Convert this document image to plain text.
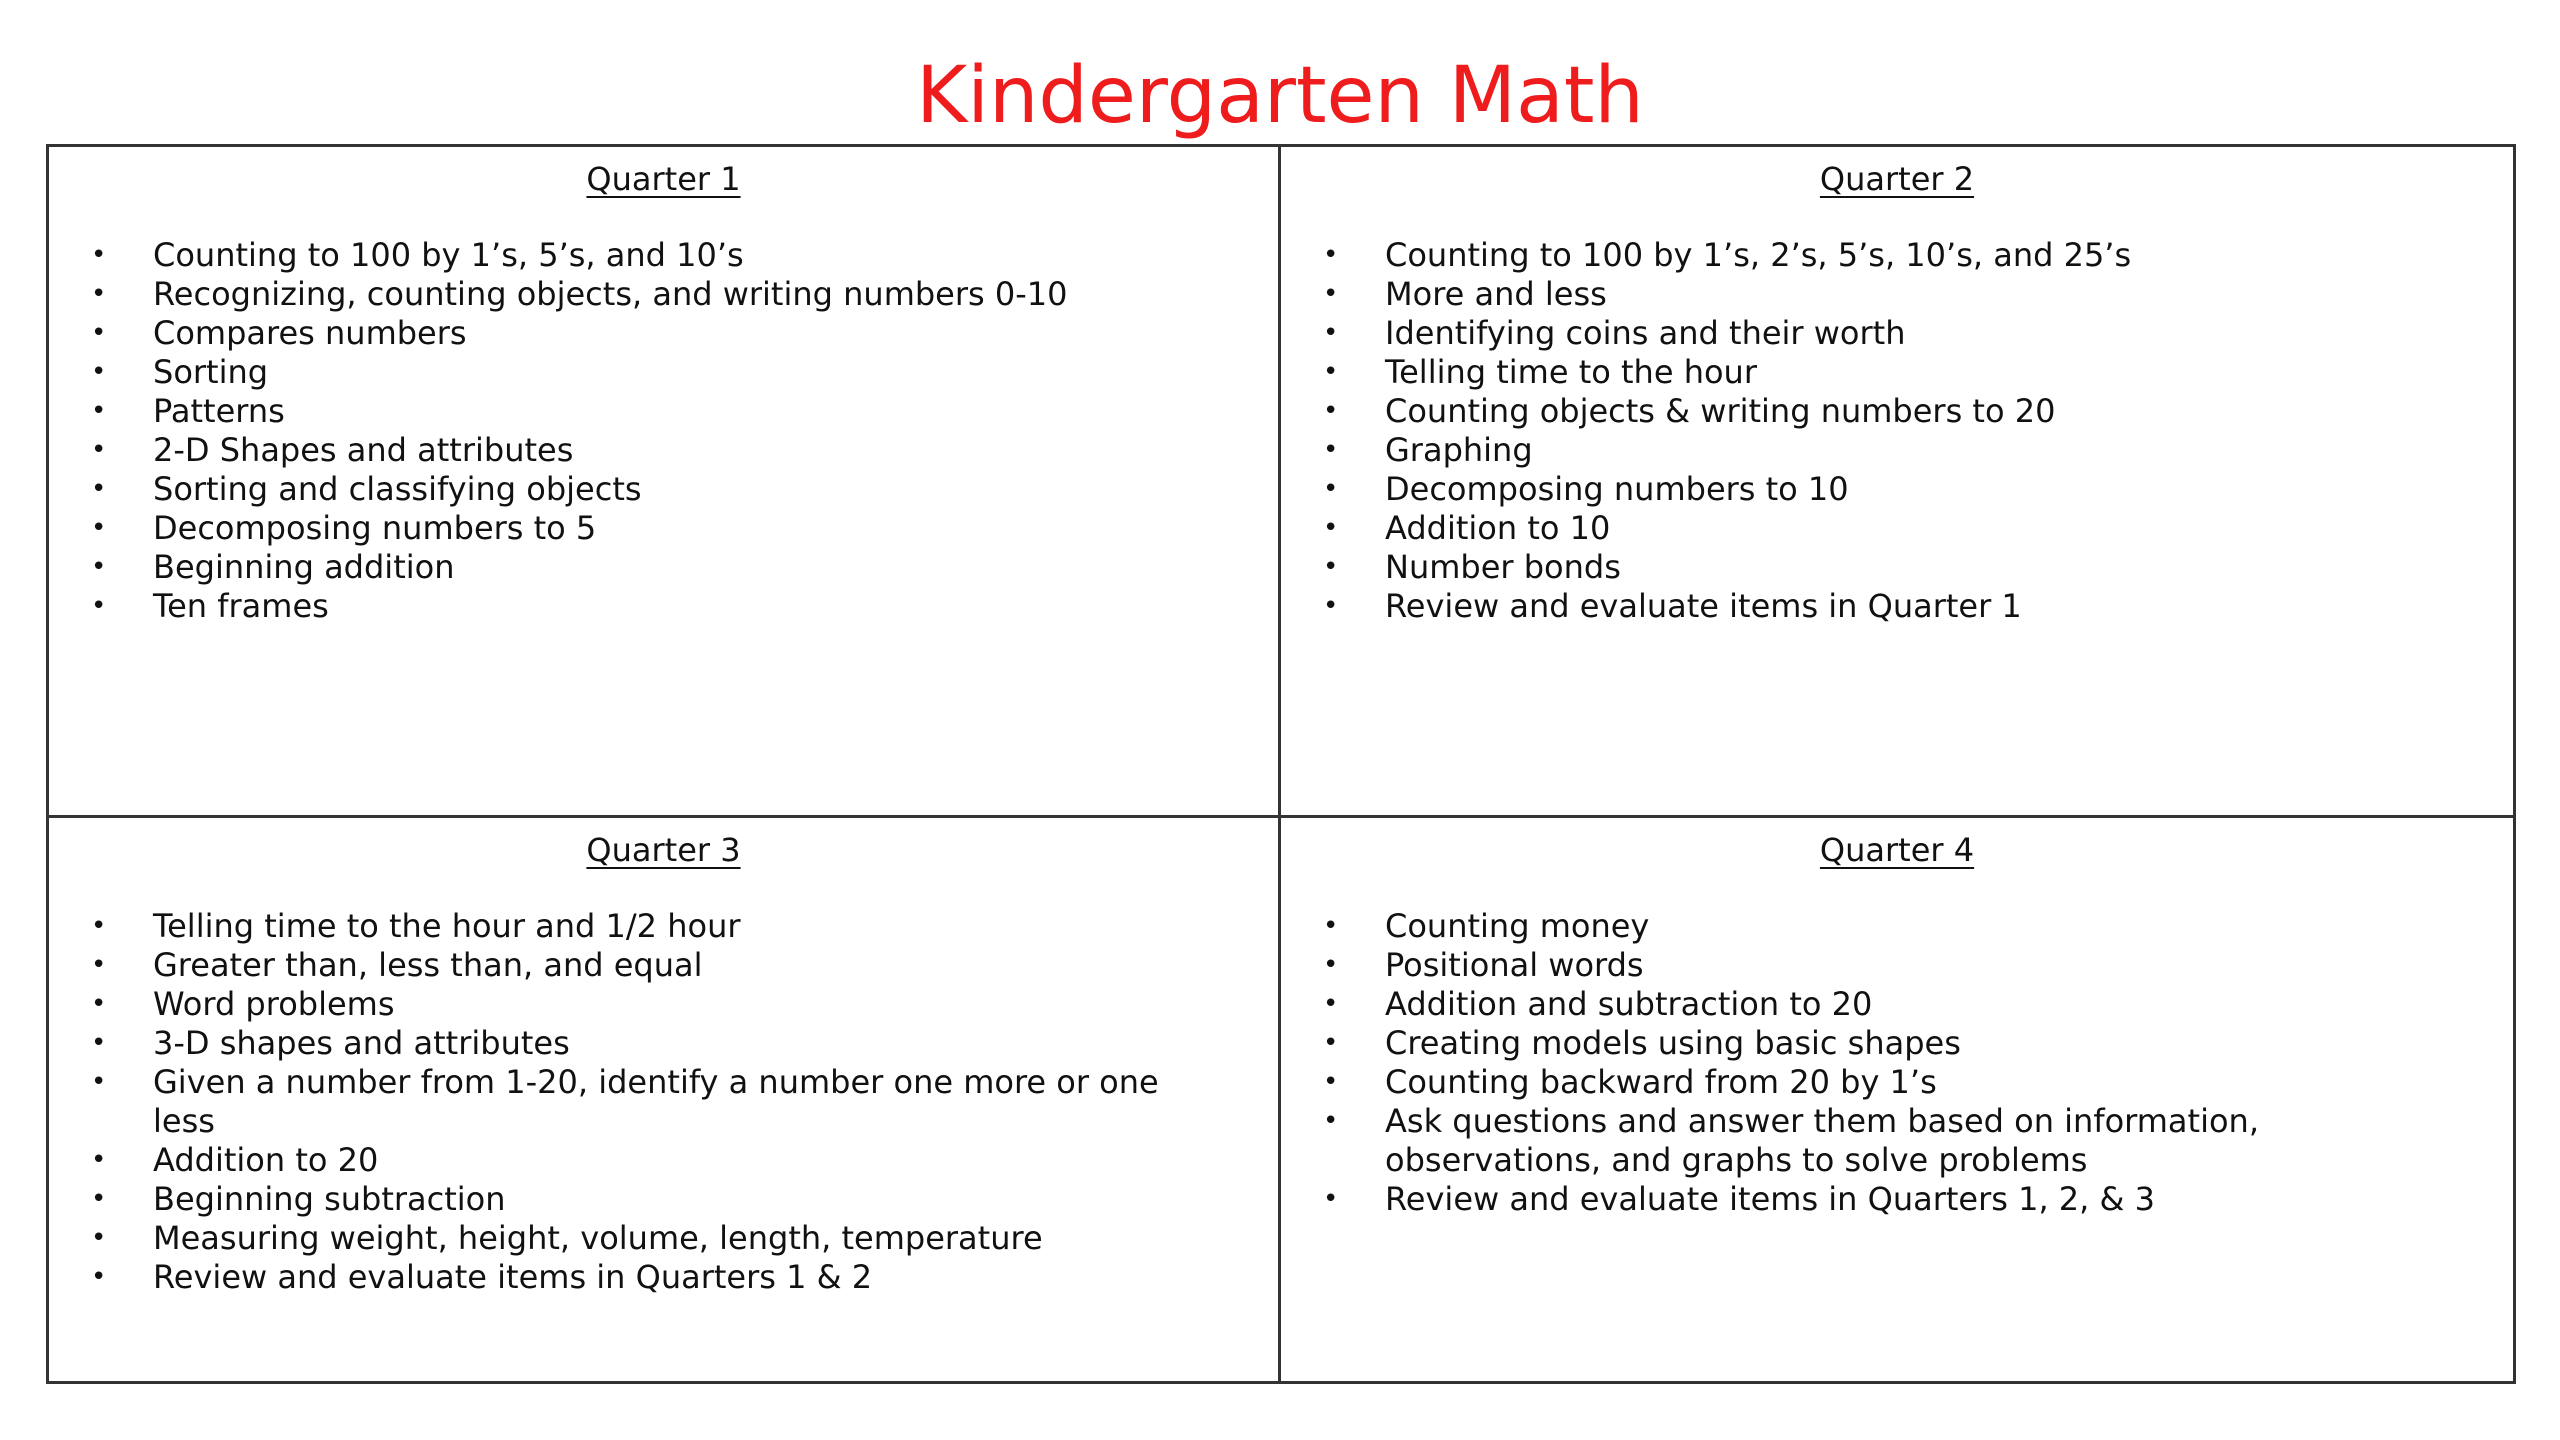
Kindergarten Math
Quarter 1
• Counting to 100 by 1’s, 5’s, and 10’s
• Recognizing, counting objects, and writing numbers 0-10
• Compares numbers
• Sorting
• Patterns
• 2-D Shapes and attributes
• Sorting and classifying objects
• Decomposing numbers to 5
• Beginning addition
• Ten frames
Quarter 2
• Counting to 100 by 1’s, 2’s, 5’s, 10’s, and 25’s
• More and less
• Identifying coins and their worth
• Telling time to the hour
• Counting objects & writing numbers to 20
• Graphing
• Decomposing numbers to 10
• Addition to 10
• Number bonds
• Review and evaluate items in Quarter 1
Quarter 3
• Telling time to the hour and 1/2 hour
• Greater than, less than, and equal
• Word problems
• 3-D shapes and attributes
• Given a number from 1-20, identify a number one more or one less
• Addition to 20
• Beginning subtraction
• Measuring weight, height, volume, length, temperature
• Review and evaluate items in Quarters 1 & 2
Quarter 4
• Counting money
• Positional words
• Addition and subtraction to 20
• Creating models using basic shapes
• Counting backward from 20 by 1’s
• Ask questions and answer them based on information, observations, and graphs to solve problems
• Review and evaluate items in Quarters 1, 2, & 3
